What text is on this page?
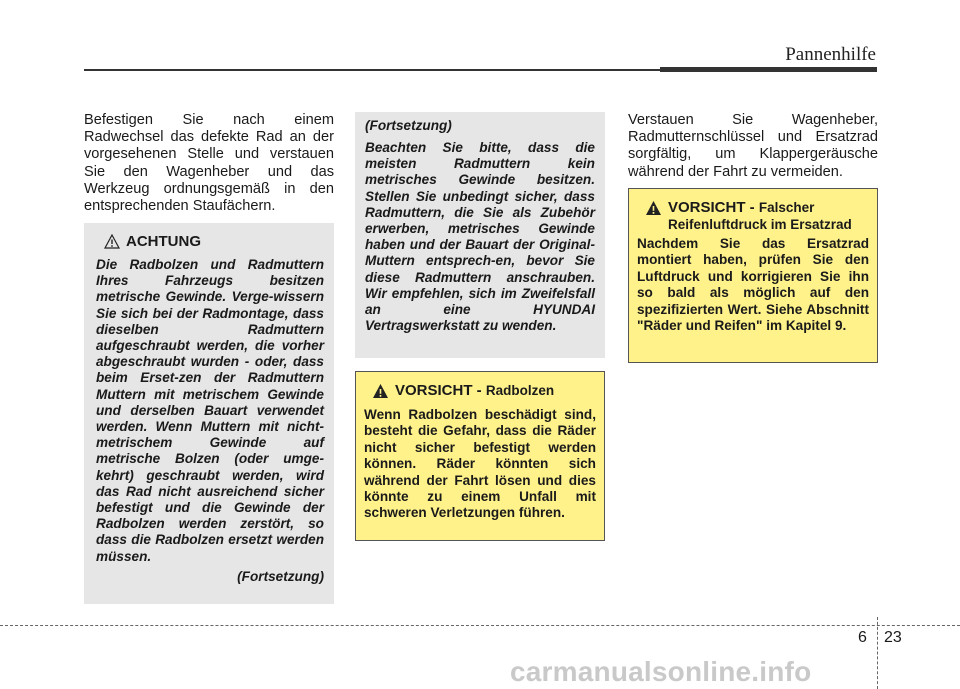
Pannenhilfe

Befestigen Sie nach einem Radwechsel das defekte Rad an der vorgesehenen Stelle und verstauen Sie den Wagenheber und das Werkzeug ordnungsgemäß in den entsprechenden Staufächern.

ACHTUNG

Die Radbolzen und Radmuttern Ihres Fahrzeugs besitzen metrische Gewinde. Verge-wissern Sie sich bei der Radmontage, dass dieselben Radmuttern aufgeschraubt werden, die vorher abgeschraubt wurden - oder, dass beim Erset-zen der Radmuttern Muttern mit metrischem Gewinde und derselben Bauart verwendet werden. Wenn Muttern mit nicht-metrischem Gewinde auf metrische Bolzen (oder umge-kehrt) geschraubt werden, wird das Rad nicht ausreichend sicher befestigt und die Gewinde der Radbolzen werden zerstört, so dass die Radbolzen ersetzt werden müssen.

(Fortsetzung)

(Fortsetzung)

Beachten Sie bitte, dass die meisten Radmuttern kein metrisches Gewinde besitzen. Stellen Sie unbedingt sicher, dass Radmuttern, die Sie als Zubehör erwerben, metrisches Gewinde haben und der Bauart der Original-Muttern entsprech-en, bevor Sie diese Radmuttern anschrauben. Wir empfehlen, sich im Zweifelsfall an eine HYUNDAI Vertragswerkstatt zu wenden.

VORSICHT - Radbolzen

Wenn Radbolzen beschädigt sind, besteht die Gefahr, dass die Räder nicht sicher befestigt werden können. Räder könnten sich während der Fahrt lösen und dies könnte zu einem Unfall mit schweren Verletzungen führen.

Verstauen Sie Wagenheber, Radmutternschlüssel und Ersatzrad sorgfältig, um Klappergeräusche während der Fahrt zu vermeiden.

VORSICHT - Falscher
Reifenluftdruck im Ersatzrad

Nachdem Sie das Ersatzrad montiert haben, prüfen Sie den Luftdruck und korrigieren Sie ihn so bald als möglich auf den spezifizierten Wert. Siehe Abschnitt "Räder und Reifen" im Kapitel 9.

6 23
carmanualsonline.info
